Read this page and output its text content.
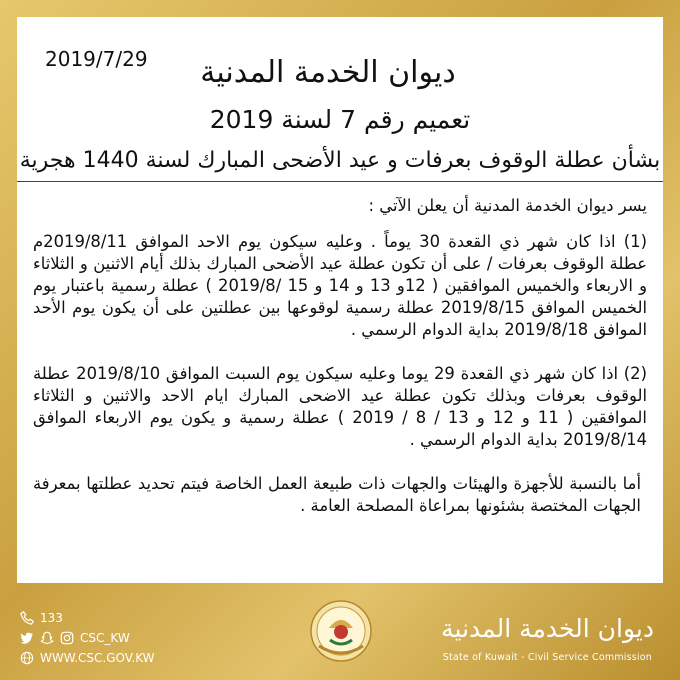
2019/7/29	ديوان الخدمة المدنية
تعميم رقم 7 لسنة 2019
بشأن عطلة الوقوف بعرفات و عيد الأضحى المبارك لسنة 1440 هجرية

يسر ديوان الخدمة المدنية أن يعلن الآتي :

(1) اذا كان شهر ذي القعدة 30 يوماً . وعليه سيكون يوم الاحد الموافق 2019/8/11م عطلة الوقوف بعرفات / على أن تكون عطلة عيد الأضحى المبارك بذلك أيام الاثنين و الثلاثاء و الاربعاء والخميس الموافقين ( 12و 13 و 14 و 15 /2019/8 ) عطلة رسمية باعتبار يوم الخميس الموافق 2019/8/15 عطلة رسمية لوقوعها بين عطلتين على أن يكون يوم الأحد الموافق 2019/8/18 بداية الدوام الرسمي .

(2) اذا كان شهر ذي القعدة 29 يوما وعليه سيكون يوم السبت الموافق 2019/8/10 عطلة الوقوف بعرفات وبذلك تكون عطلة عيد الاضحى المبارك ايام الاحد والاثنين و الثلاثاء الموافقين ( 11 و 12 و 13 / 8 / 2019 ) عطلة رسمية و يكون يوم الاربعاء الموافق 2019/8/14 بداية الدوام الرسمي .

أما بالنسبة للأجهزة والهيئات والجهات ذات طبيعة العمل الخاصة فيتم تحديد عطلتها بمعرفة الجهات المختصة بشئونها بمراعاة المصلحة العامة .

133
CSC_KW
WWW.CSC.GOV.KW
ديوان الخدمة المدنية
State of Kuwait - Civil Service Commission
